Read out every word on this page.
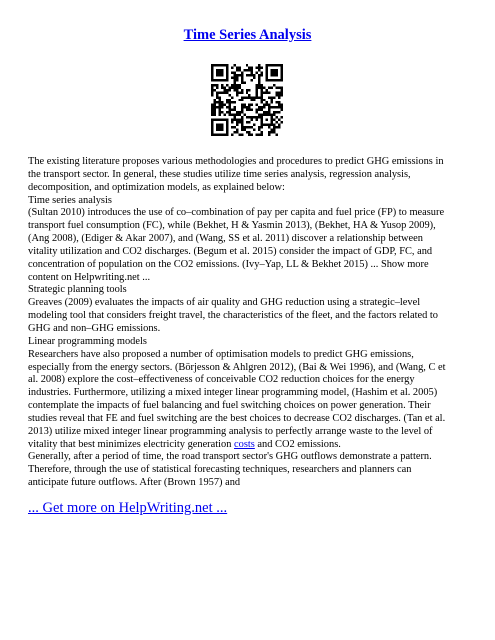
Time Series Analysis
The existing literature proposes various methodologies and procedures to predict GHG emissions in
the transport sector. In general, these studies utilize time series analysis, regression analysis,
decomposition, and optimization models, as explained below:
Time series analysis
(Sultan 2010) introduces the use of co–combination of pay per capita and fuel price (FP) to measure
transport fuel consumption (FC), while (Bekhet, H & Yasmin 2013), (Bekhet, HA & Yusop 2009),
(Ang 2008), (Ediger & Akar 2007), and (Wang, SS et al. 2011) discover a relationship between
vitality utilization and CO2 discharges. (Begum et al. 2015) consider the impact of GDP, FC, and
concentration of population on the CO2 emissions. (Ivy–Yap, LL & Bekhet 2015) ... Show more
content on Helpwriting.net ...
Strategic planning tools
Greaves (2009) evaluates the impacts of air quality and GHG reduction using a strategic–level
modeling tool that considers freight travel, the characteristics of the fleet, and the factors related to
GHG and non–GHG emissions.
Linear programming models
Researchers have also proposed a number of optimisation models to predict GHG emissions,
especially from the energy sectors. (Börjesson & Ahlgren 2012), (Bai & Wei 1996), and (Wang, C et
al. 2008) explore the cost–effectiveness of conceivable CO2 reduction choices for the energy
industries. Furthermore, utilizing a mixed integer linear programming model, (Hashim et al. 2005)
contemplate the impacts of fuel balancing and fuel switching choices on power generation. Their
studies reveal that FE and fuel switching are the best choices to decrease CO2 discharges. (Tan et al.
2013) utilize mixed integer linear programming analysis to perfectly arrange waste to the level of
vitality that best minimizes electricity generation costs and CO2 emissions.
Generally, after a period of time, the road transport sector's GHG outflows demonstrate a pattern.
Therefore, through the use of statistical forecasting techniques, researchers and planners can
anticipate future outflows. After (Brown 1957) and
... Get more on HelpWriting.net ...
